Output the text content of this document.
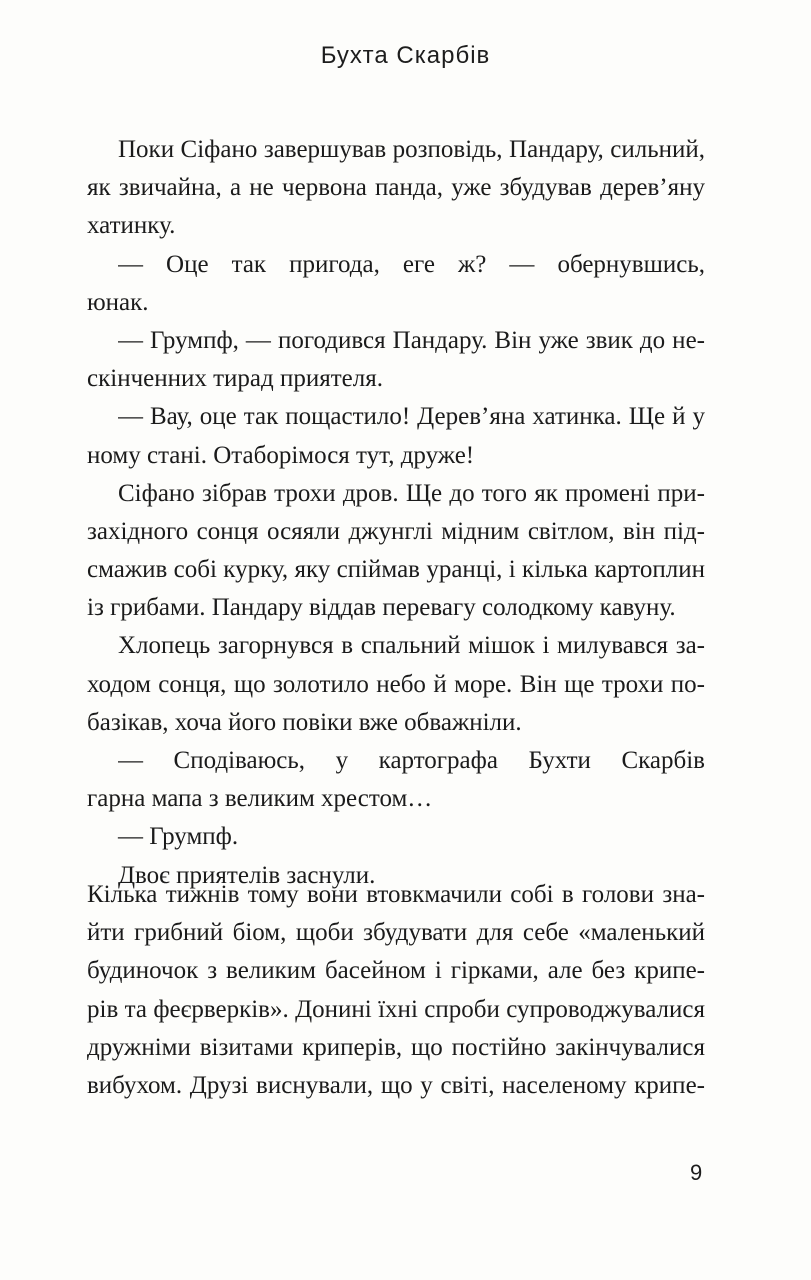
Бухта Скарбів
Поки Сіфано завершував розповідь, Пандару, сильний,
як звичайна, а не червона панда, уже збудував дерев’яну
хатинку.
— Оце так пригода, еге ж? — обернувшись,
юнак.
— Грумпф, — погодився Пандару. Він уже звик до не-
скінченних тирад приятеля.
— Вау, оце так пощастило! Дерев’яна хатинка. Ще й у
ному стані. Отаборімося тут, друже!
Сіфано зібрав трохи дров. Ще до того як промені при-
західного сонця осяяли джунглі мідним світлом, він під-
смажив собі курку, яку спіймав уранці, і кілька картоплин
із грибами. Пандару віддав перевагу солодкому кавуну.
Хлопець загорнувся в спальний мішок і милувався за-
ходом сонця, що золотило небо й море. Він ще трохи по-
базікав, хоча його повіки вже обважніли.
— Сподіваюсь, у картографа Бухти Скарбів
гарна мапа з великим хрестом…
— Грумпф.
Двоє приятелів заснули.
Кілька тижнів тому вони втовкмачили собі в голови зна-
йти грибний біом, щоби збудувати для себе «маленький
будиночок з великим басейном і гірками, але без крипе-
рів та феєрверків». Донині їхні спроби супроводжувалися
дружніми візитами криперів, що постійно закінчувалися
вибухом. Друзі виснували, що у світі, населеному крипе-
9
